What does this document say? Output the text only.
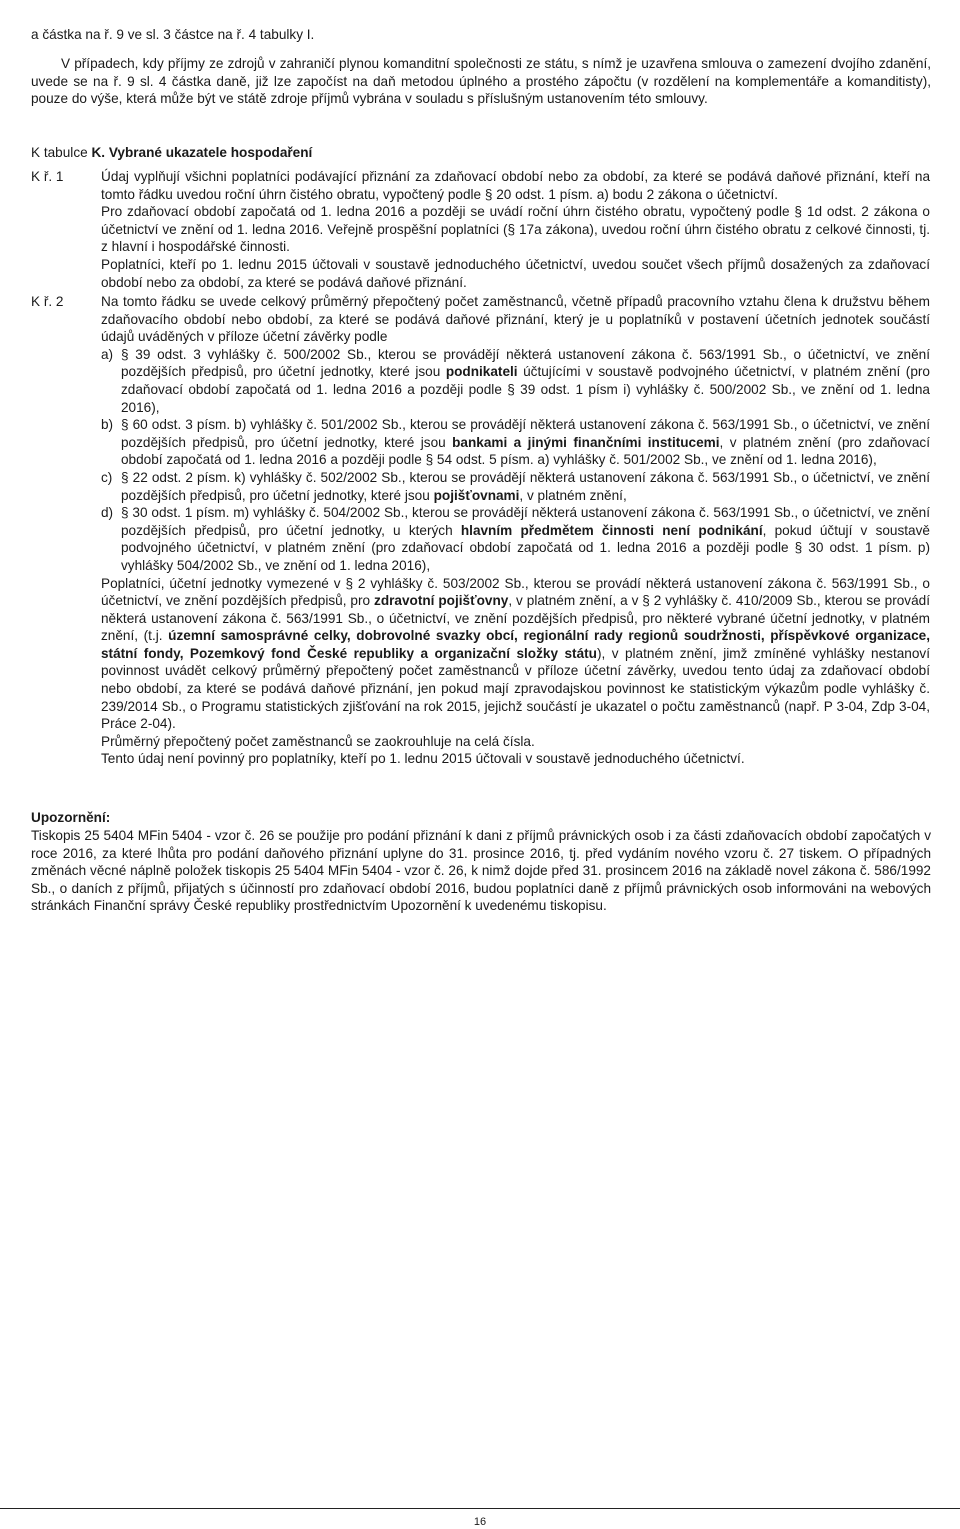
a částka na ř. 9 ve sl. 3 částce na ř. 4 tabulky I.

V případech, kdy příjmy ze zdrojů v zahraničí plynou komanditní společnosti ze státu, s nímž je uzavřena smlouva o zamezení dvojího zdanění, uvede se na ř. 9 sl. 4 částka daně, již lze započíst na daň metodou úplného a prostého zápočtu (v rozdělení na komplementáře a komanditisty), pouze do výše, která může být ve státě zdroje příjmů vybrána v souladu s příslušným ustanovením této smlouvy.

K tabulce K. Vybrané ukazatele hospodaření

K ř. 1	Údaj vyplňují všichni poplatníci podávající přiznání za zdaňovací období nebo za období, za které se podává daňové přiznání, kteří na tomto řádku uvedou roční úhrn čistého obratu, vypočtený podle § 20 odst. 1 písm. a) bodu 2 zákona o účetnictví.

Pro zdaňovací období započatá od 1. ledna 2016 a později se uvádí roční úhrn čistého obratu, vypočtený podle § 1d odst. 2 zákona o účetnictví ve znění od 1. ledna 2016. Veřejně prospěšní poplatníci (§ 17a zákona), uvedou roční úhrn čistého obratu z celkové činnosti, tj. z hlavní i hospodářské činnosti.

Poplatníci, kteří po 1. lednu 2015 účtovali v soustavě jednoduchého účetnictví, uvedou součet všech příjmů dosažených za zdaňovací období nebo za období, za které se podává daňové přiznání.

K ř. 2	Na tomto řádku se uvede celkový průměrný přepočtený počet zaměstnanců, včetně případů pracovního vztahu člena k družstvu během zdaňovacího období nebo období, za které se podává daňové přiznání, který je u poplatníků v postavení účetních jednotek součástí údajů uváděných v příloze účetní závěrky podle

a) § 39 odst. 3 vyhlášky č. 500/2002 Sb., kterou se provádějí některá ustanovení zákona č. 563/1991 Sb., o účetnictví, ve znění pozdějších předpisů, pro účetní jednotky, které jsou podnikateli účtujícími v soustavě podvojného účetnictví, v platném znění (pro zdaňovací období započatá od 1. ledna 2016 a později podle § 39 odst. 1 písm i) vyhlášky č. 500/2002 Sb., ve znění od 1. ledna 2016),
b) § 60 odst. 3 písm. b) vyhlášky č. 501/2002 Sb., kterou se provádějí některá ustanovení zákona č. 563/1991 Sb., o účetnictví, ve znění pozdějších předpisů, pro účetní jednotky, které jsou bankami a jinými finančními institucemi, v platném znění (pro zdaňovací období započatá od 1. ledna 2016 a později podle § 54 odst. 5 písm. a) vyhlášky č. 501/2002 Sb., ve znění od 1. ledna 2016),
c) § 22 odst. 2 písm. k) vyhlášky č. 502/2002 Sb., kterou se provádějí některá ustanovení zákona č. 563/1991 Sb., o účetnictví, ve znění pozdějších předpisů, pro účetní jednotky, které jsou pojišťovnami, v platném znění,
d) § 30 odst. 1 písm. m) vyhlášky č. 504/2002 Sb., kterou se provádějí některá ustanovení zákona č. 563/1991 Sb., o účetnictví, ve znění pozdějších předpisů, pro účetní jednotky, u kterých hlavním předmětem činnosti není podnikání, pokud účtují v soustavě podvojného účetnictví, v platném znění (pro zdaňovací období započatá od 1. ledna 2016 a později podle § 30 odst. 1 písm. p) vyhlášky 504/2002 Sb., ve znění od 1. ledna 2016),

Poplatníci, účetní jednotky vymezené v § 2 vyhlášky č. 503/2002 Sb., kterou se provádí některá ustanovení zákona č. 563/1991 Sb., o účetnictví, ve znění pozdějších předpisů, pro zdravotní pojišťovny, v platném znění, a v § 2 vyhlášky č. 410/2009 Sb., kterou se provádí některá ustanovení zákona č. 563/1991 Sb., o účetnictví, ve znění pozdějších předpisů, pro některé vybrané účetní jednotky, v platném znění, (t.j. územní samosprávné celky, dobrovolné svazky obcí, regionální rady regionů soudržnosti, příspěvkové organizace, státní fondy, Pozemkový fond České republiky a organizační složky státu), v platném znění, jimž zmíněné vyhlášky nestanoví povinnost uvádět celkový průměrný přepočtený počet zaměstnanců v příloze účetní závěrky, uvedou tento údaj za zdaňovací období nebo období, za které se podává daňové přiznání, jen pokud mají zpravodajskou povinnost ke statistickým výkazům podle vyhlášky č. 239/2014 Sb., o Programu statistických zjišťování na rok 2015, jejichž součástí je ukazatel o počtu zaměstnanců (např. P 3-04, Zdp 3-04, Práce 2-04).

Průměrný přepočtený počet zaměstnanců se zaokrouhluje na celá čísla.

Tento údaj není povinný pro poplatníky, kteří po 1. lednu 2015 účtovali v soustavě jednoduchého účetnictví.

Upozornění:

Tiskopis 25 5404 MFin 5404 - vzor č. 26 se použije pro podání přiznání k dani z příjmů právnických osob i za části zdaňovacích období započatých v roce 2016, za které lhůta pro podání daňového přiznání uplyne do 31. prosince 2016, tj. před vydáním nového vzoru č. 27 tiskem. O případných změnách věcné náplně položek tiskopis 25 5404 MFin 5404 - vzor č. 26, k nimž dojde před 31. prosincem 2016 na základě novel zákona č. 586/1992 Sb., o daních z příjmů, přijatých s účinností pro zdaňovací období 2016, budou poplatníci daně z příjmů právnických osob informováni na webových stránkách Finanční správy České republiky prostřednictvím Upozornění k uvedenému tiskopisu.

16
